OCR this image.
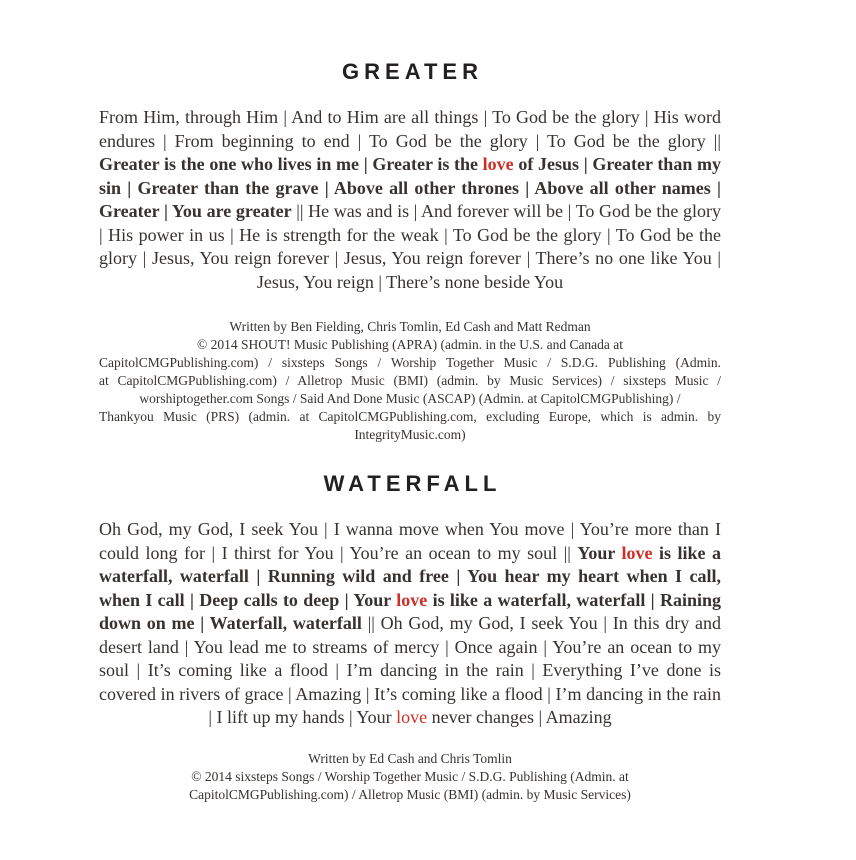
GREATER

From Him, through Him | And to Him are all things | To God be the glory | His word endures | From beginning to end | To God be the glory | To God be the glory || Greater is the one who lives in me | Greater is the love of Jesus | Greater than my sin | Greater than the grave | Above all other thrones | Above all other names | Greater | You are greater || He was and is | And forever will be | To God be the glory | His power in us | He is strength for the weak | To God be the glory | To God be the glory | Jesus, You reign forever | Jesus, You reign forever | There’s no one like You | Jesus, You reign | There’s none beside You

Written by Ben Fielding, Chris Tomlin, Ed Cash and Matt Redman
© 2014 SHOUT! Music Publishing (APRA) (admin. in the U.S. and Canada at
CapitolCMGPublishing.com) / sixsteps Songs / Worship Together Music / S.D.G. Publishing (Admin.
at CapitolCMGPublishing.com) / Alletrop Music (BMI) (admin. by Music Services) / sixsteps Music /
worshiptogether.com Songs / Said And Done Music (ASCAP) (Admin. at CapitolCMGPublishing) /
Thankyou Music (PRS) (admin. at CapitolCMGPublishing.com, excluding Europe, which is admin. by
IntegrityMusic.com)
WATERFALL

Oh God, my God, I seek You | I wanna move when You move | You’re more than I could long for | I thirst for You | You’re an ocean to my soul || Your love is like a waterfall, waterfall | Running wild and free | You hear my heart when I call, when I call | Deep calls to deep | Your love is like a waterfall, waterfall | Raining down on me | Waterfall, waterfall || Oh God, my God, I seek You | In this dry and desert land | You lead me to streams of mercy | Once again | You’re an ocean to my soul | It’s coming like a flood | I’m dancing in the rain | Everything I’ve done is covered in rivers of grace | Amazing | It’s coming like a flood | I’m dancing in the rain | I lift up my hands | Your love never changes | Amazing

Written by Ed Cash and Chris Tomlin
© 2014 sixsteps Songs / Worship Together Music / S.D.G. Publishing (Admin. at
CapitolCMGPublishing.com) / Alletrop Music (BMI) (admin. by Music Services)
